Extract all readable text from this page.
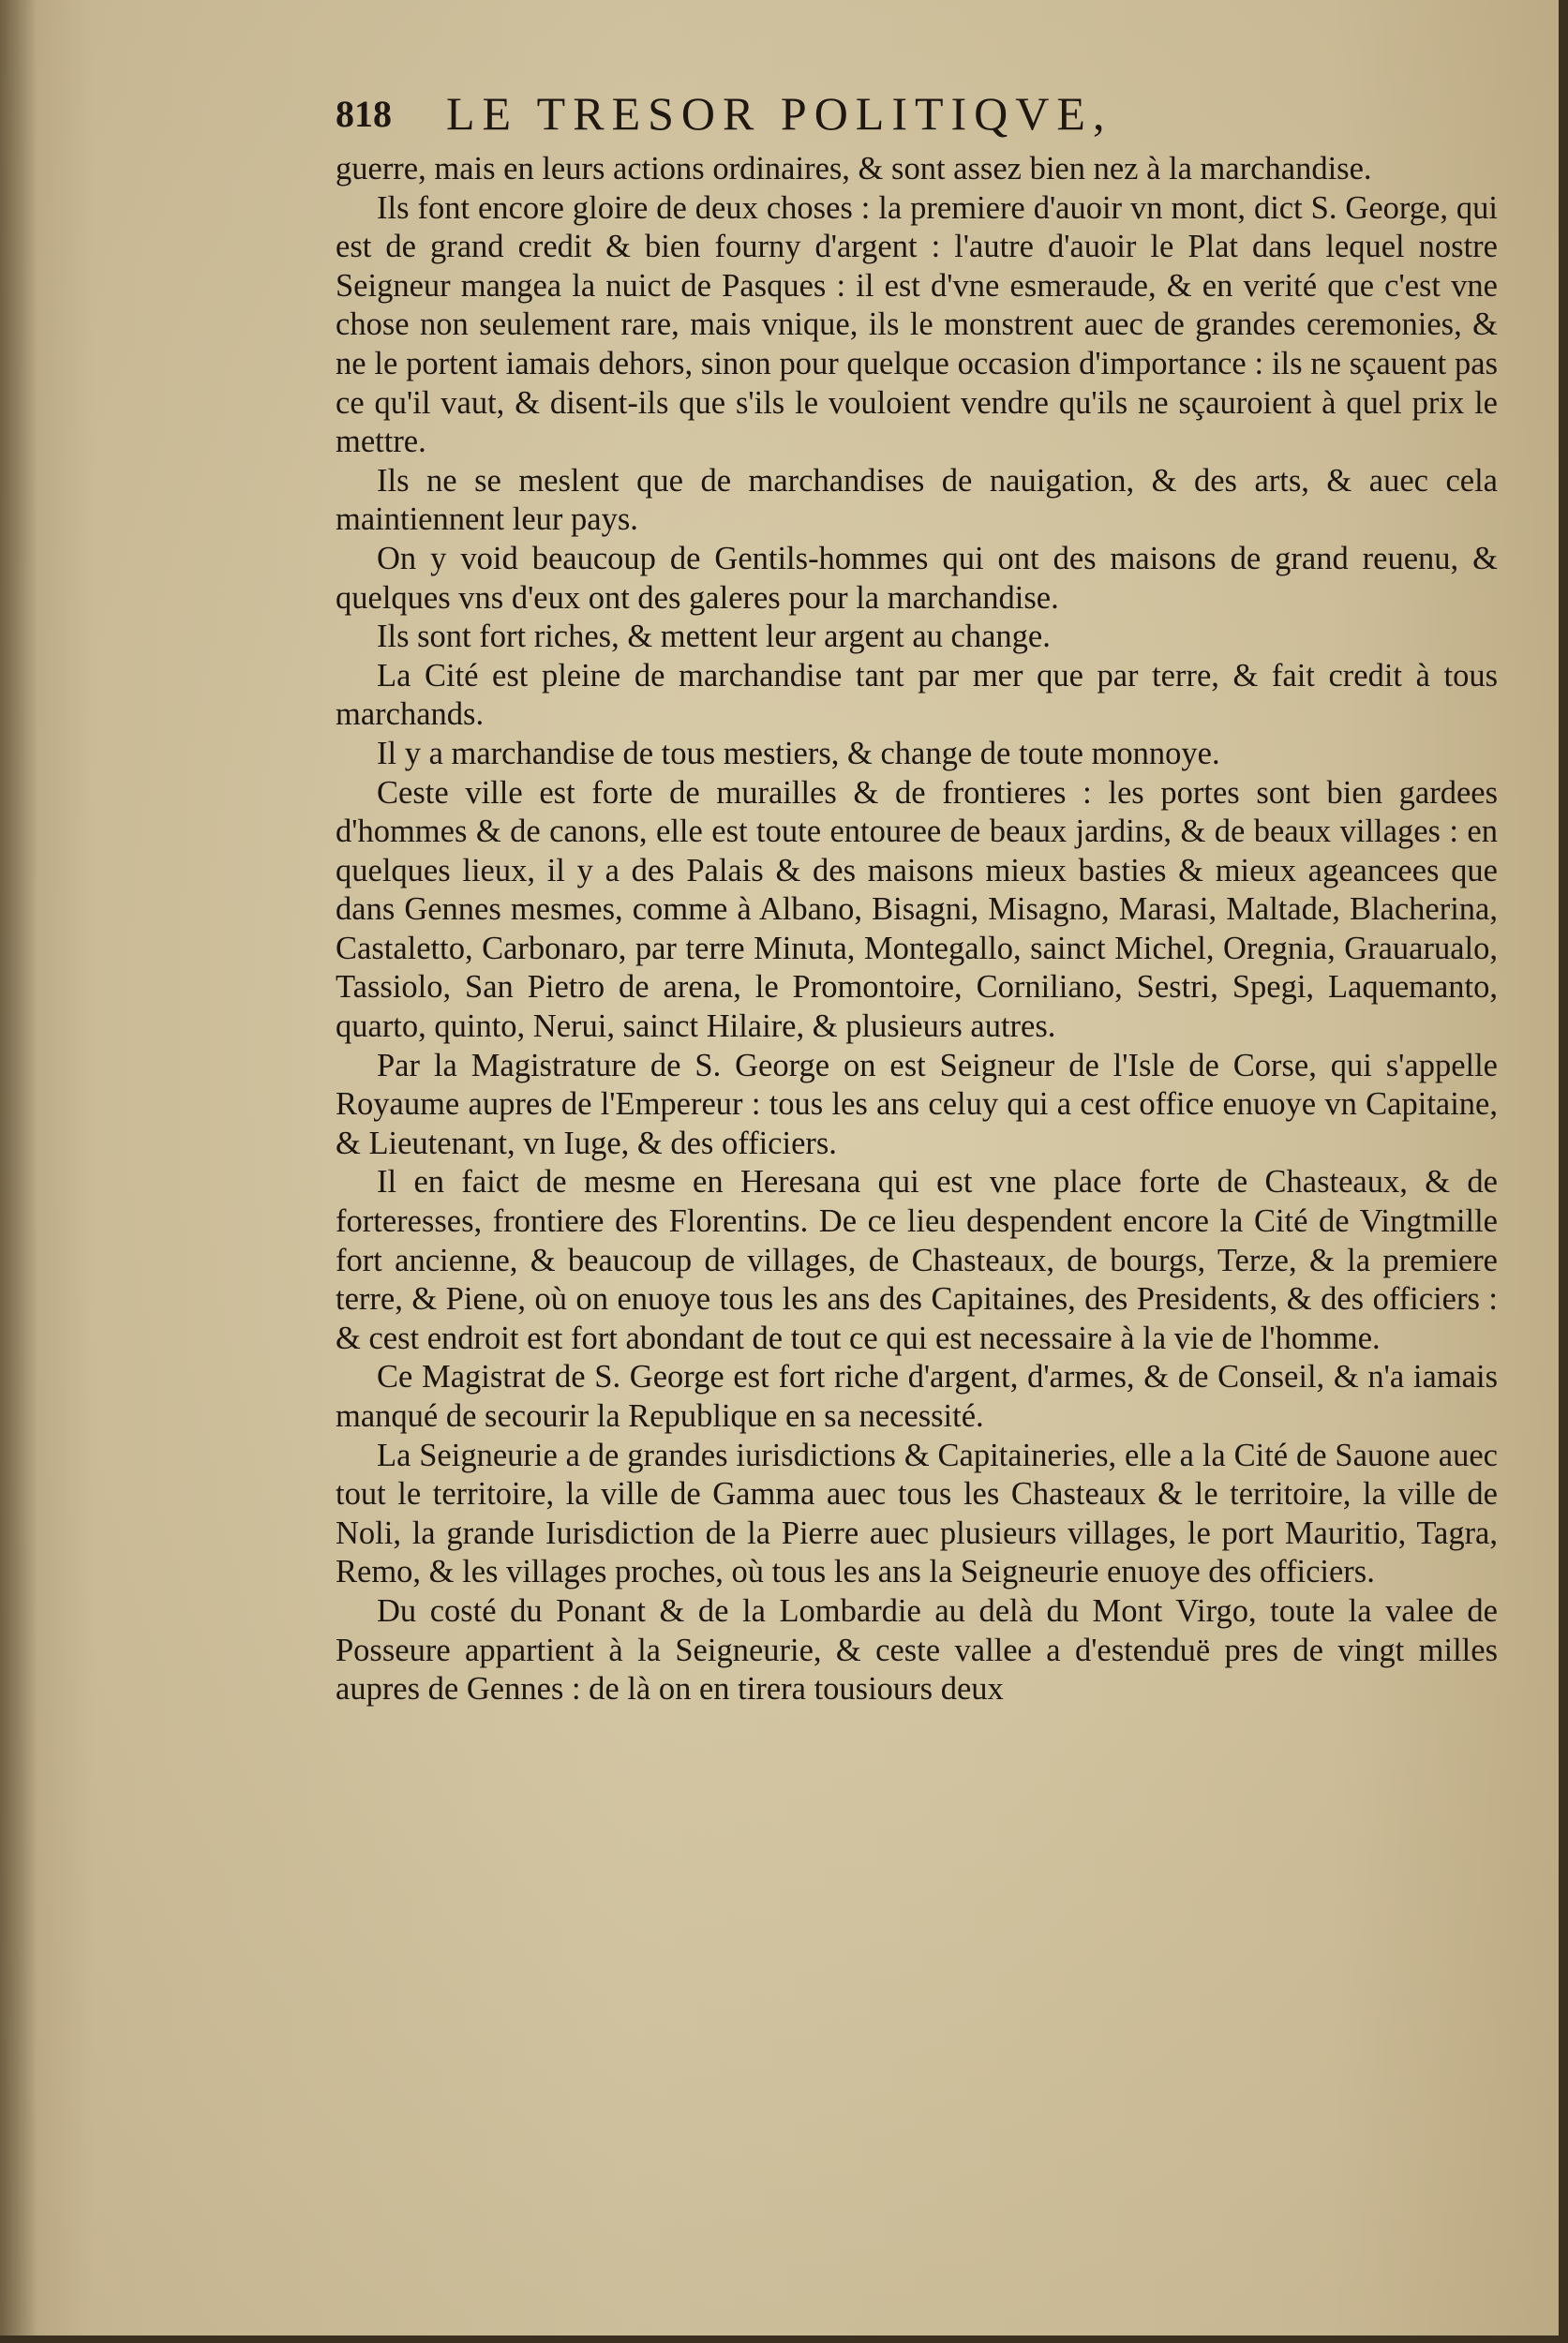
818 LE TRESOR POLITIQVE,

guerre, mais en leurs actions ordinaires, & sont assez bien nez à la marchandise.

Ils font encore gloire de deux choses : la premiere d'auoir vn mont, dict S. George, qui est de grand credit & bien fourny d'argent : l'autre d'auoir le Plat dans lequel nostre Seigneur mangea la nuict de Pasques : il est d'vne esmeraude, & en verité que c'est vne chose non seulement rare, mais vnique, ils le monstrent auec de grandes ceremonies, & ne le portent iamais dehors, sinon pour quelque occasion d'importance : ils ne sçauent pas ce qu'il vaut, & disent-ils que s'ils le vouloient vendre qu'ils ne sçauroient à quel prix le mettre.

Ils ne se meslent que de marchandises de nauigation, & des arts, & auec cela maintiennent leur pays.

On y void beaucoup de Gentils-hommes qui ont des maisons de grand reuenu, & quelques vns d'eux ont des galeres pour la marchandise.

Ils sont fort riches, & mettent leur argent au change.

La Cité est pleine de marchandise tant par mer que par terre, & fait credit à tous marchands.

Il y a marchandise de tous mestiers, & change de toute monnoye.

Ceste ville est forte de murailles & de frontieres : les portes sont bien gardees d'hommes & de canons, elle est toute entouree de beaux jardins, & de beaux villages : en quelques lieux, il y a des Palais & des maisons mieux basties & mieux ageancees que dans Gennes mesmes, comme à Albano, Bisagni, Misagno, Marasi, Maltade, Blacherina, Castaletto, Carbonaro, par terre Minuta, Montegallo, sainct Michel, Oregnia, Grauarualo, Tassiolo, San Pietro de arena, le Promontoire, Corniliano, Sestri, Spegi, Laquemanto, quarto, quinto, Nerui, sainct Hilaire, & plusieurs autres.

Par la Magistrature de S. George on est Seigneur de l'Isle de Corse, qui s'appelle Royaume aupres de l'Empereur : tous les ans celuy qui a cest office enuoye vn Capitaine, & Lieutenant, vn Iuge, & des officiers.

Il en faict de mesme en Heresana qui est vne place forte de Chasteaux, & de forteresses, frontiere des Florentins. De ce lieu despendent encore la Cité de Vingtmille fort ancienne, & beaucoup de villages, de Chasteaux, de bourgs, Terze, & la premiere terre, & Piene, où on enuoye tous les ans des Capitaines, des Presidents, & des officiers : & cest endroit est fort abondant de tout ce qui est necessaire à la vie de l'homme.

Ce Magistrat de S. George est fort riche d'argent, d'armes, & de Conseil, & n'a iamais manqué de secourir la Republique en sa necessité.

La Seigneurie a de grandes iurisdictions & Capitaineries, elle a la Cité de Sauone auec tout le territoire, la ville de Gamma auec tous les Chasteaux & le territoire, la ville de Noli, la grande Iurisdiction de la Pierre auec plusieurs villages, le port Mauritio, Tagra, Remo, & les villages proches, où tous les ans la Seigneurie enuoye des officiers.

Du costé du Ponant & de la Lombardie au delà du Mont Virgo, toute la valee de Possеure appartient à la Seigneurie, & ceste vallee a d'estenduë pres de vingt milles aupres de Gennes : de là on en tirera tousiours deux
